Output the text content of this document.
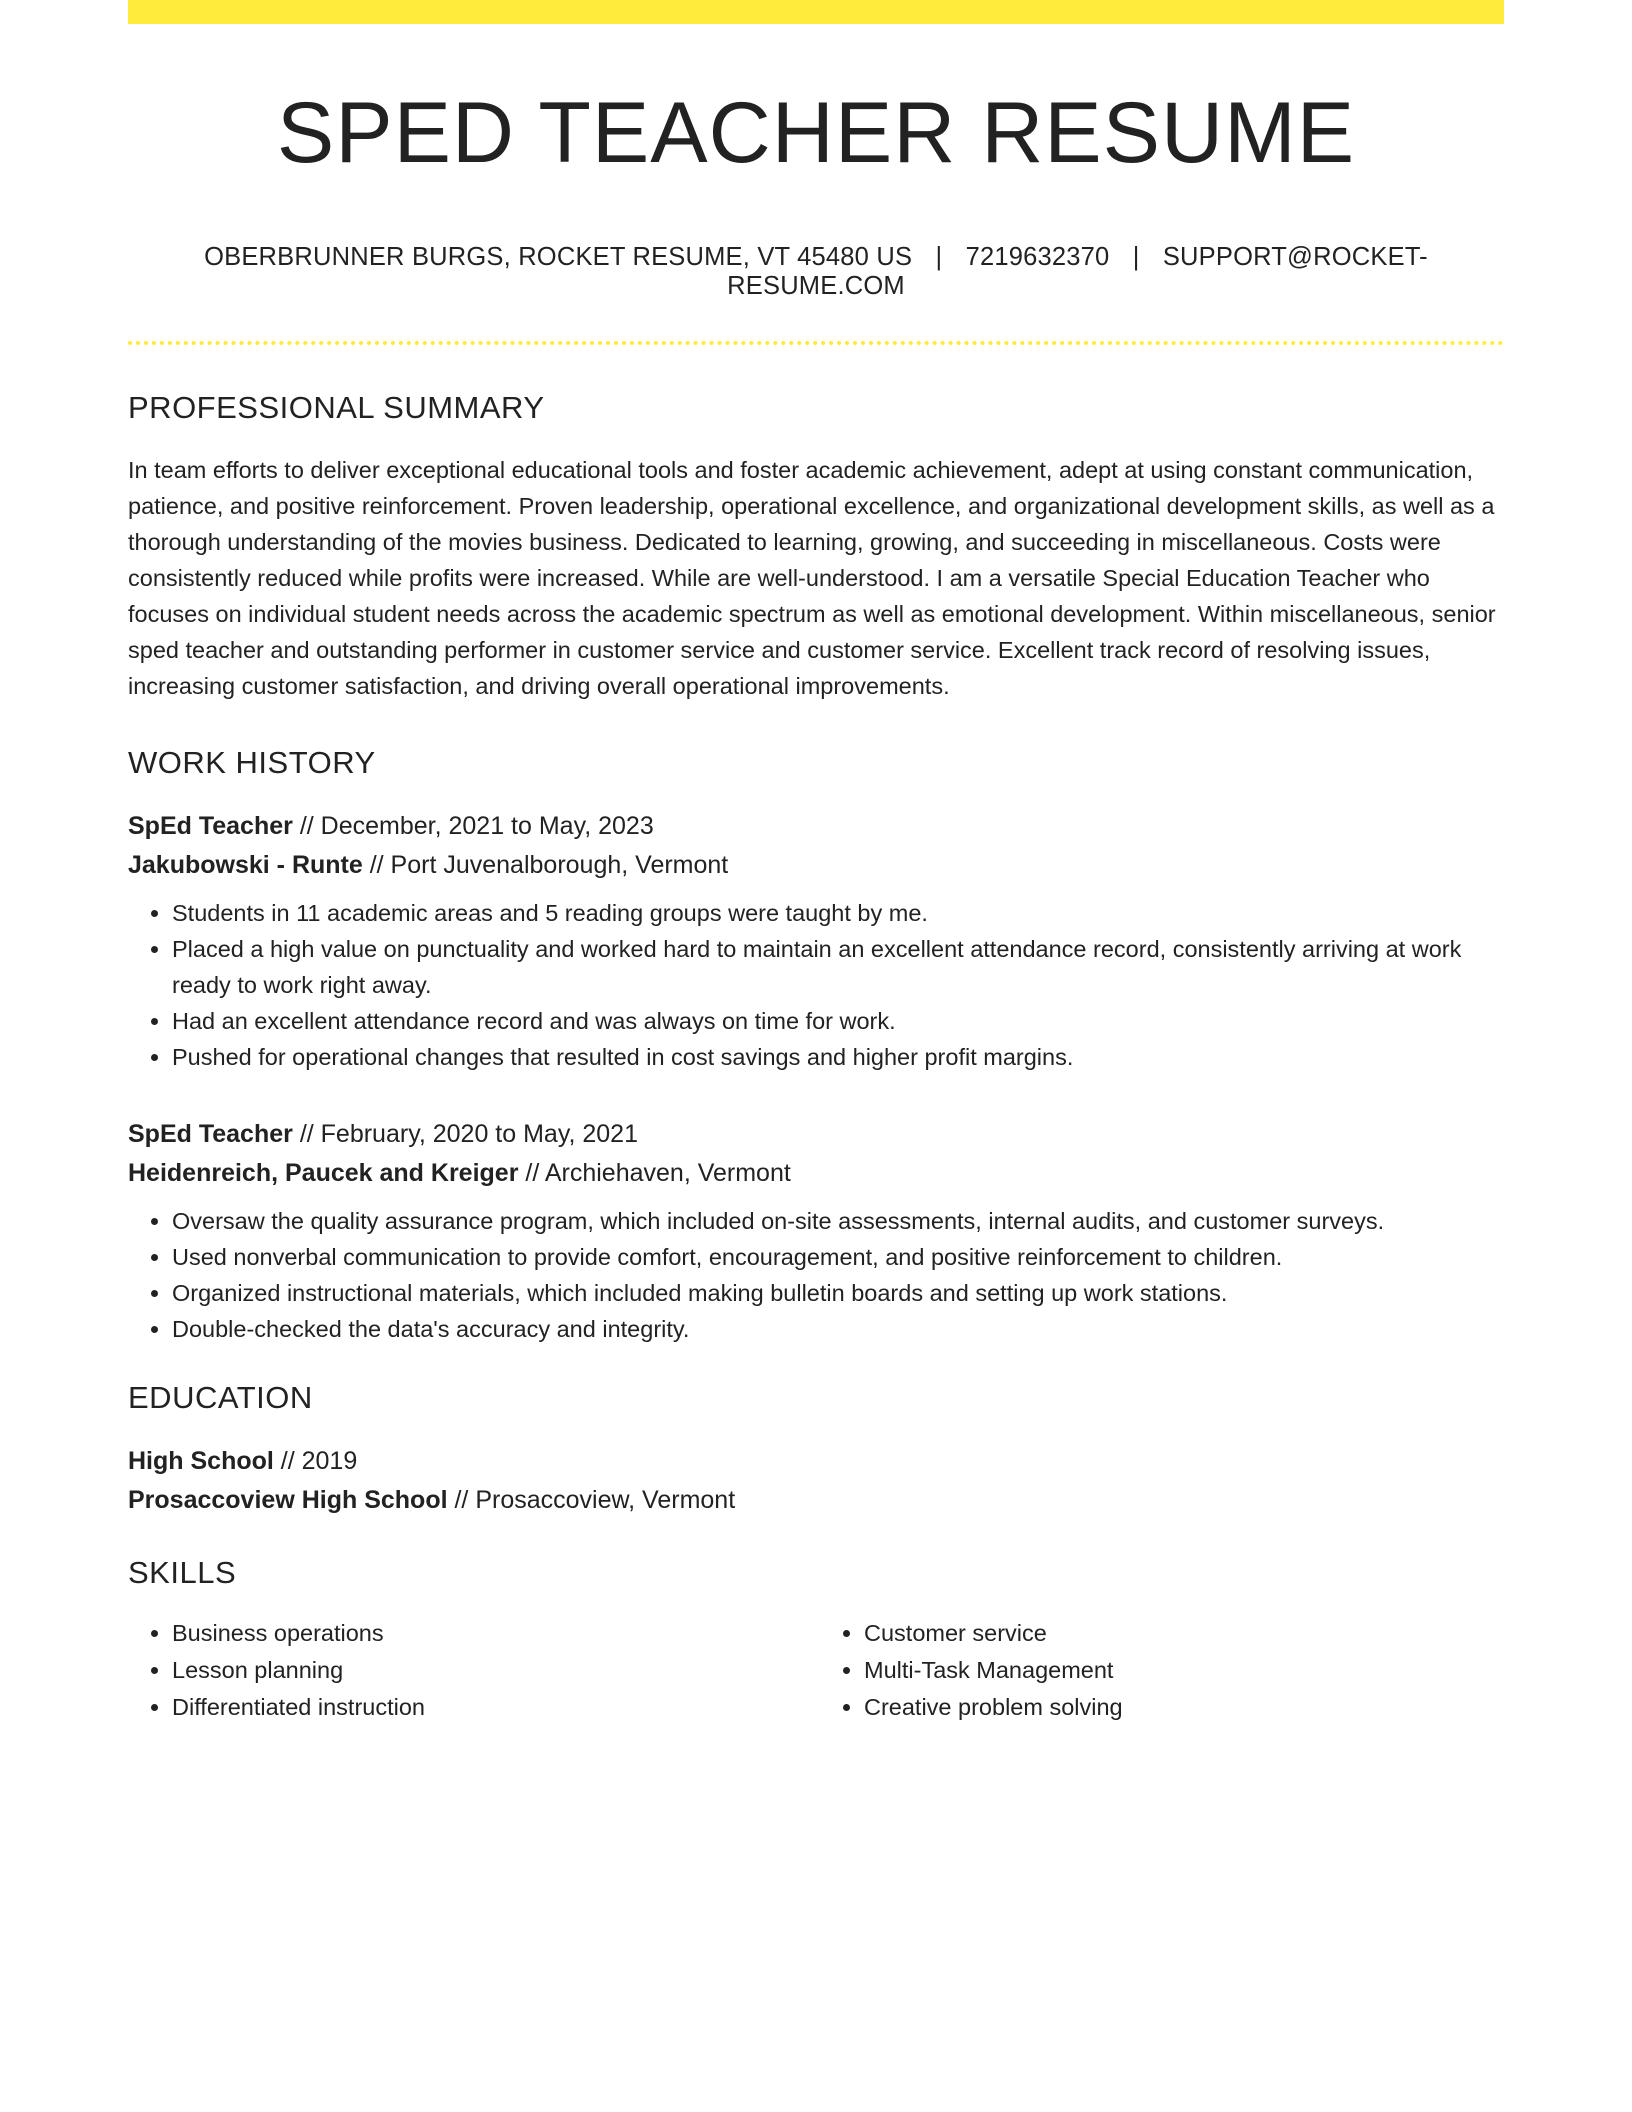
SPED TEACHER RESUME
OBERBRUNNER BURGS, ROCKET RESUME, VT 45480 US | 7219632370 | SUPPORT@ROCKET-RESUME.COM
PROFESSIONAL SUMMARY

In team efforts to deliver exceptional educational tools and foster academic achievement, adept at using constant communication, patience, and positive reinforcement. Proven leadership, operational excellence, and organizational development skills, as well as a thorough understanding of the movies business. Dedicated to learning, growing, and succeeding in miscellaneous. Costs were consistently reduced while profits were increased. While are well-understood. I am a versatile Special Education Teacher who focuses on individual student needs across the academic spectrum as well as emotional development. Within miscellaneous, senior sped teacher and outstanding performer in customer service and customer service. Excellent track record of resolving issues, increasing customer satisfaction, and driving overall operational improvements.

WORK HISTORY
SpEd Teacher // December, 2021 to May, 2023
Jakubowski - Runte // Port Juvenalborough, Vermont
• Students in 11 academic areas and 5 reading groups were taught by me.
• Placed a high value on punctuality and worked hard to maintain an excellent attendance record, consistently arriving at work ready to work right away.
• Had an excellent attendance record and was always on time for work.
• Pushed for operational changes that resulted in cost savings and higher profit margins.
SpEd Teacher // February, 2020 to May, 2021
Heidenreich, Paucek and Kreiger // Archiehaven, Vermont
• Oversaw the quality assurance program, which included on-site assessments, internal audits, and customer surveys.
• Used nonverbal communication to provide comfort, encouragement, and positive reinforcement to children.
• Organized instructional materials, which included making bulletin boards and setting up work stations.
• Double-checked the data's accuracy and integrity.
EDUCATION
High School // 2019
Prosaccoview High School // Prosaccoview, Vermont
SKILLS
• Business operations
• Lesson planning
• Differentiated instruction
• Customer service
• Multi-Task Management
• Creative problem solving
